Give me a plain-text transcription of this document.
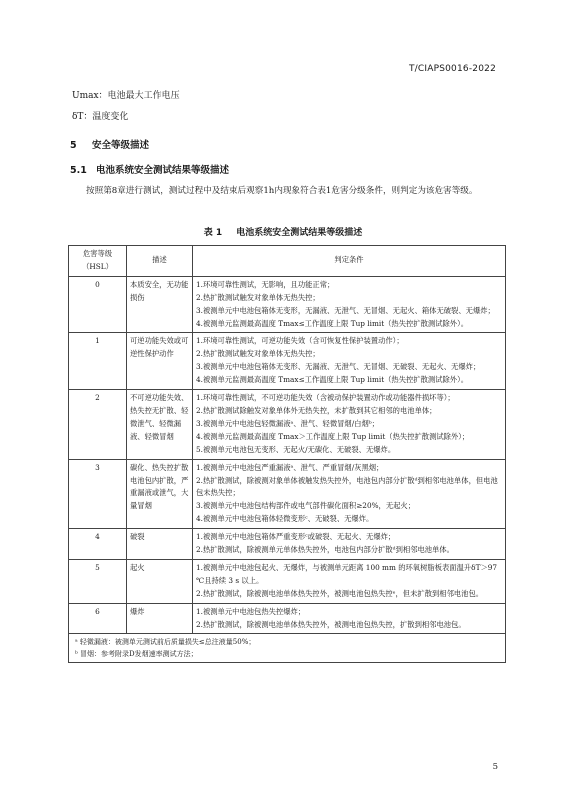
T/CIAPS0016-2022
Umax：电池最大工作电压
δT：温度变化
5 安全等级描述
5.1 电池系统安全测试结果等级描述
按照第8章进行测试，测试过程中及结束后观察1h内现象符合表1危害分级条件，则判定为该危害等级。
表 1 电池系统安全测试结果等级描述
危害等级（HSL）	描述	判定条件
0	本质安全，无功能损伤	1.环境可靠性测试，无影响，且功能正常；
2.热扩散测试触发对象单体无热失控；
3.被测单元中电池包箱体无变形，无漏液、无泄气、无冒烟、无起火、箱体无破裂、无爆炸；
4.被测单元监测最高温度 Tmax≤工作温度上限 Tup limit（热失控扩散测试除外）。

1	可逆功能失效或可逆性保护动作	1.环境可靠性测试，可逆功能失效（含可恢复性保护装置动作）；
2.热扩散测试触发对象单体无热失控；
3.被测单元中电池包箱体无变形、无漏液、无泄气、无冒烟、无破裂、无起火、无爆炸；
4.被测单元监测最高温度 Tmax≤工作温度上限 Tup limit（热失控扩散测试除外）。

2	不可逆功能失效、热失控无扩散、轻微泄气、轻微漏液、轻微冒烟	1.环境可靠性测试，不可逆功能失效（含被动保护装置动作或功能器件损坏等）；
2.热扩散测试除触发对象单体外无热失控，未扩散到其它相邻的电池单体；
3.被测单元中电池包轻微漏液ᵃ、泄气、轻微冒烟/白烟ᵇ；
4.被测单元监测最高温度 Tmax＞工作温度上限 Tup limit（热失控扩散测试除外）；
5.被测单元电池包无变形、无起火/无碳化、无破裂、无爆炸。

3	碳化、热失控扩散电池包内扩散，严重漏液或泄气，大量冒烟	1.被测单元中电池包严重漏液ᵃ、泄气、严重冒烟/灰黑烟；
2.热扩散测试，除被测对象单体被触发热失控外，电池包内部分扩散ᵈ到相邻电池单体，但电池包未热失控；
3.被测单元中电池包结构部件或电气部件碳化面积≥20%，无起火；
4.被测单元中电池包箱体轻微变形ᶜ、无破裂、无爆炸。

4	破裂	1.被测单元中电池包箱体严重变形ᶜ或破裂、无起火、无爆炸；
2.热扩散测试，除被测单元单体热失控外，电池包内部分扩散ᵈ到相邻电池单体。

5	起火	1.被测单元中电池包起火、无爆炸，与被测单元距离 100 mm 的环氧树脂板表面温升δT＞97 ℃且持续 3 s 以上。
2.热扩散测试，除被测电池单体热失控外，被测电池包热失控ᵉ，但未扩散到相邻电池包。

6	爆炸	1.被测单元中电池包热失控爆炸；
2.热扩散测试，除被测电池单体热失控外，被测电池包热失控，扩散到相邻电池包。

ᵃ 轻微漏液：被测单元测试前后质量损失≤总注液量50%；
ᵇ 冒烟：参考附录D发烟速率测试方法；		
5
